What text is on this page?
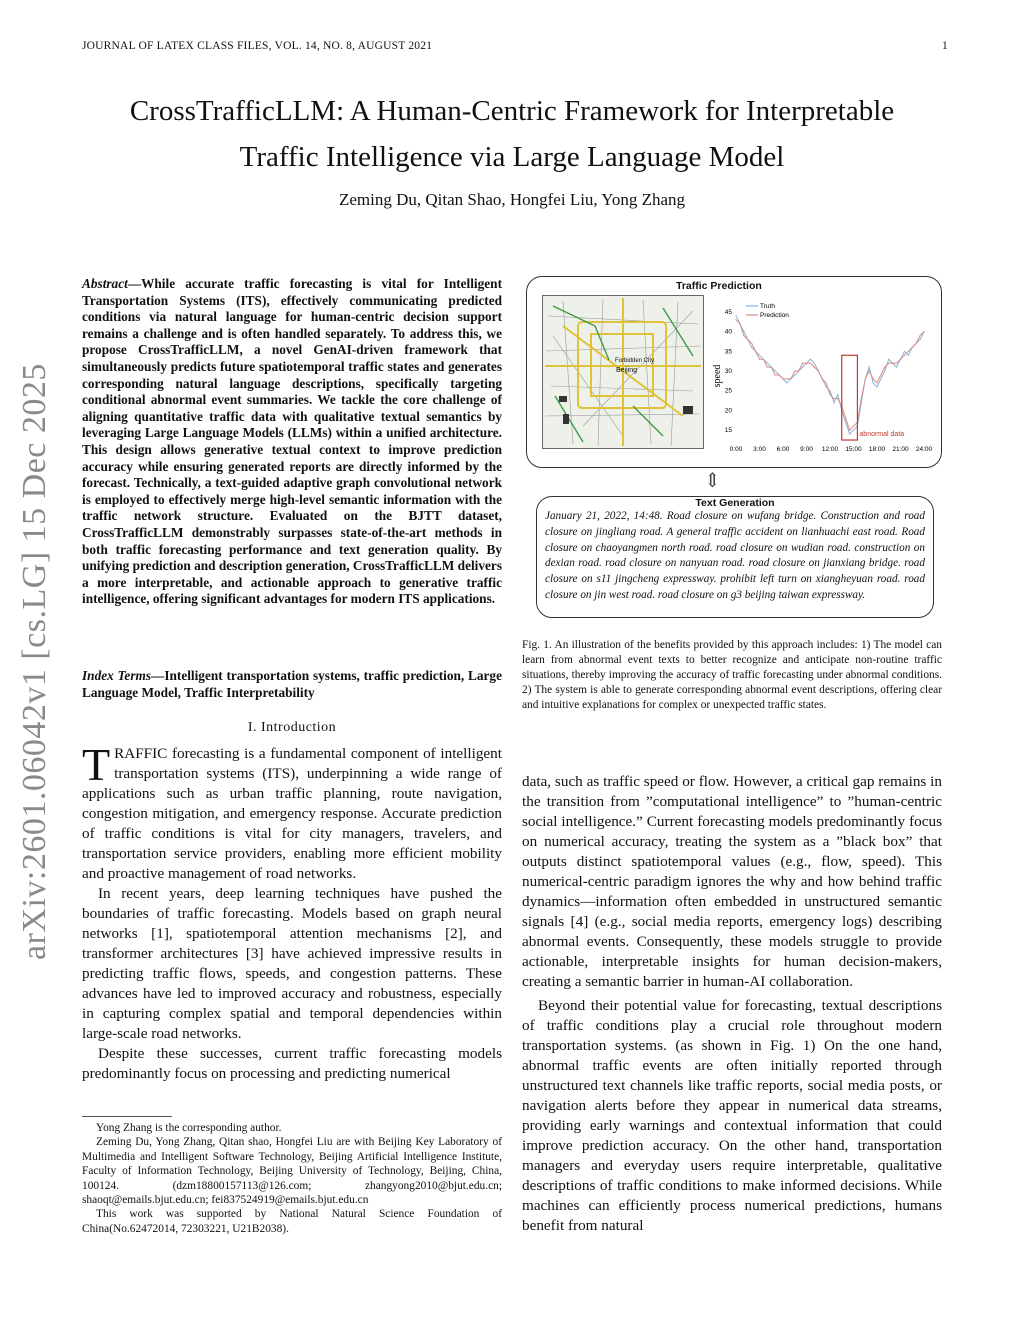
JOURNAL OF LATEX CLASS FILES, VOL. 14, NO. 8, AUGUST 2021	1
arXiv:2601.06042v1 [cs.LG] 15 Dec 2025
CrossTrafficLLM: A Human-Centric Framework for Interpretable
Traffic Intelligence via Large Language Model
Zeming Du, Qitan Shao, Hongfei Liu, Yong Zhang
Abstract—While accurate traffic forecasting is vital for Intelligent Transportation Systems (ITS), effectively communicating predicted conditions via natural language for human-centric decision support remains a challenge and is often handled separately. To address this, we propose CrossTrafficLLM, a novel GenAI-driven framework that simultaneously predicts future spatiotemporal traffic states and generates corresponding natural language descriptions, specifically targeting conditional abnormal event summaries. We tackle the core challenge of aligning quantitative traffic data with qualitative textual semantics by leveraging Large Language Models (LLMs) within a unified architecture. This design allows generative textual context to improve prediction accuracy while ensuring generated reports are directly informed by the forecast. Technically, a text-guided adaptive graph convolutional network is employed to effectively merge high-level semantic information with the traffic network structure. Evaluated on the BJTT dataset, CrossTrafficLLM demonstrably surpasses state-of-the-art methods in both traffic forecasting performance and text generation quality. By unifying prediction and description generation, CrossTrafficLLM delivers a more interpretable, and actionable approach to generative traffic intelligence, offering significant advantages for modern ITS applications.
Index Terms—Intelligent transportation systems, traffic prediction, Large Language Model, Traffic Interpretability
I. Introduction

TRAFFIC forecasting is a fundamental component of intelligent transportation systems (ITS), underpinning a wide range of applications such as urban traffic planning, route navigation, congestion mitigation, and emergency response. Accurate prediction of traffic conditions is vital for city managers, travelers, and transportation service providers, enabling more efficient mobility and proactive management of road networks.

In recent years, deep learning techniques have pushed the boundaries of traffic forecasting. Models based on graph neural networks [1], spatiotemporal attention mechanisms [2], and transformer architectures [3] have achieved impressive results in predicting traffic flows, speeds, and congestion patterns. These advances have led to improved accuracy and robustness, especially in capturing complex spatial and temporal dependencies within large-scale road networks.

Despite these successes, current traffic forecasting models predominantly focus on processing and predicting numerical

Yong Zhang is the corresponding author.

Zeming Du, Yong Zhang, Qitan shao, Hongfei Liu are with Beijing Key Laboratory of Multimedia and Intelligent Software Technology, Beijing Artificial Intelligence Institute, Faculty of Information Technology, Beijing University of Technology, Beijing, China, 100124. (dzm18800157113@126.com; zhangyong2010@bjut.edu.cn; shaoqt@emails.bjut.edu.cn; fei837524919@emails.bjut.edu.cn

This work was supported by National Natural Science Foundation of China(No.62472014, 72303221, U21B2038).

Traffic Prediction
Forbidden City
Beijing	speed
45
40
35
30
25
20
15
0:00 3:00 6:00 9:00 12:00 15:00 18:00 21:00 24:00
abnormal data
Truth
Prediction
⇕
Text Generation
January 21, 2022, 14:48. Road closure on wufang bridge. Construction and road closure on jingliang road. A general traffic accident on lianhuachi east road. Road closure on chaoyangmen north road. road closure on wudian road. construction on dexian road. road closure on nanyuan road. road closure on jianxiang bridge. road closure on s11 jingcheng expressway. prohibit left turn on xiangheyuan road. road closure on jin west road. road closure on g3 beijing taiwan expressway.
Fig. 1. An illustration of the benefits provided by this approach includes: 1) The model can learn from abnormal event texts to better recognize and anticipate non-routine traffic situations, thereby improving the accuracy of traffic forecasting under abnormal conditions. 2) The system is able to generate corresponding abnormal event descriptions, offering clear and intuitive explanations for complex or unexpected traffic states.

data, such as traffic speed or flow. However, a critical gap remains in the transition from ”computational intelligence” to ”human-centric social intelligence.” Current forecasting models predominantly focus on numerical accuracy, treating the system as a ”black box” that outputs distinct spatiotemporal values (e.g., flow, speed). This numerical-centric paradigm ignores the why and how behind traffic dynamics—information often embedded in unstructured semantic signals [4] (e.g., social media reports, emergency logs) describing abnormal events. Consequently, these models struggle to provide actionable, interpretable insights for human decision-makers, creating a semantic barrier in human-AI collaboration.

Beyond their potential value for forecasting, textual descriptions of traffic conditions play a crucial role throughout modern transportation systems. (as shown in Fig. 1) On the one hand, abnormal traffic events are often initially reported through unstructured text channels like traffic reports, social media posts, or navigation alerts before they appear in numerical data streams, providing early warnings and contextual information that could improve prediction accuracy. On the other hand, transportation managers and everyday users require interpretable, qualitative descriptions of traffic conditions to make informed decisions. While machines can efficiently process numerical predictions, humans benefit from natural
